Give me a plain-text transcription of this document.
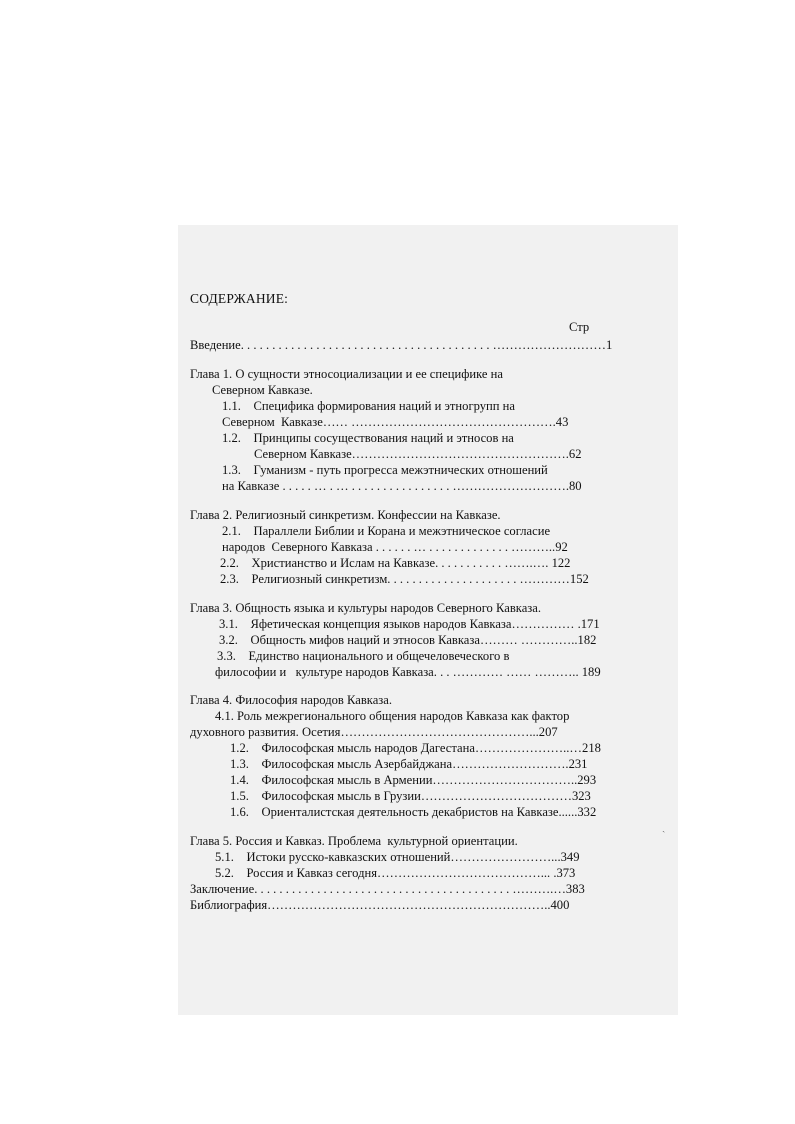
СОДЕРЖАНИЕ:
Стр
Введение. . . . . . . . . . . . . . . . . . . . . . . . . . . . . . . . . . . . . . . . ………………………1
Глава 1. О сущности этносоциализации и ее специфике на
Северном Кавказе.
1.1.    Специфика формирования наций и этногрупп на
Северном  Кавказе…… ………………………………………….43
1.2.    Принципы сосуществования наций и этносов на
Северном Кавказе…………………………………………….62
1.3.    Гуманизм - путь прогресса межэтнических отношений
на Кавказе . . . . . … . … . . . . . . . . . . . . . . . . ……………………….80
Глава 2. Религиозный синкретизм. Конфессии на Кавказе.
2.1.    Параллели Библии и Корана и межэтническое согласие
народов  Северного Кавказа . . . . . . … . . . . . . . . . . . . . ………..92
2.2.    Христианство и Ислам на Кавказе. . . . . . . . . . . …….…. 122
2.3.    Религиозный синкретизм. . . . . . . . . . . . . . . . . . . . . …………152
Глава 3. Общность языка и культуры народов Северного Кавказа.
3.1.    Яфетическая концепция языков народов Кавказа…………… .171
3.2.    Общность мифов наций и этносов Кавказа……… …………..182
3.3.    Единство национального и общечеловеческого в
философии и   культуре народов Кавказа. . . ………… …… ……….. 189
Глава 4. Философия народов Кавказа.
4.1. Роль межрегионального общения народов Кавказа как фактор
духовного развития. Осетия………………………………………...207
1.2.    Философская мысль народов Дагестана…………………..…218
1.3.    Философская мысль Азербайджана……………………….231
1.4.    Философская мысль в Армении……………………………..293
1.5.    Философская мысль в Грузии………………………………323
1.6.    Ориенталистская деятельность декабристов на Кавказе......332
Глава 5. Россия и Кавказ. Проблема  культурной ориентации.
5.1.    Истоки русско-кавказских отношений……………………...349
5.2.    Россия и Кавказ сегодня…………………………………... .373
Заключение. . . . . . . . . . . . . . . . . . . . . . . . . . . . . . . . . . . . . . . . . ……….…383
Библиография…………………………………………………………..400
ˎ
